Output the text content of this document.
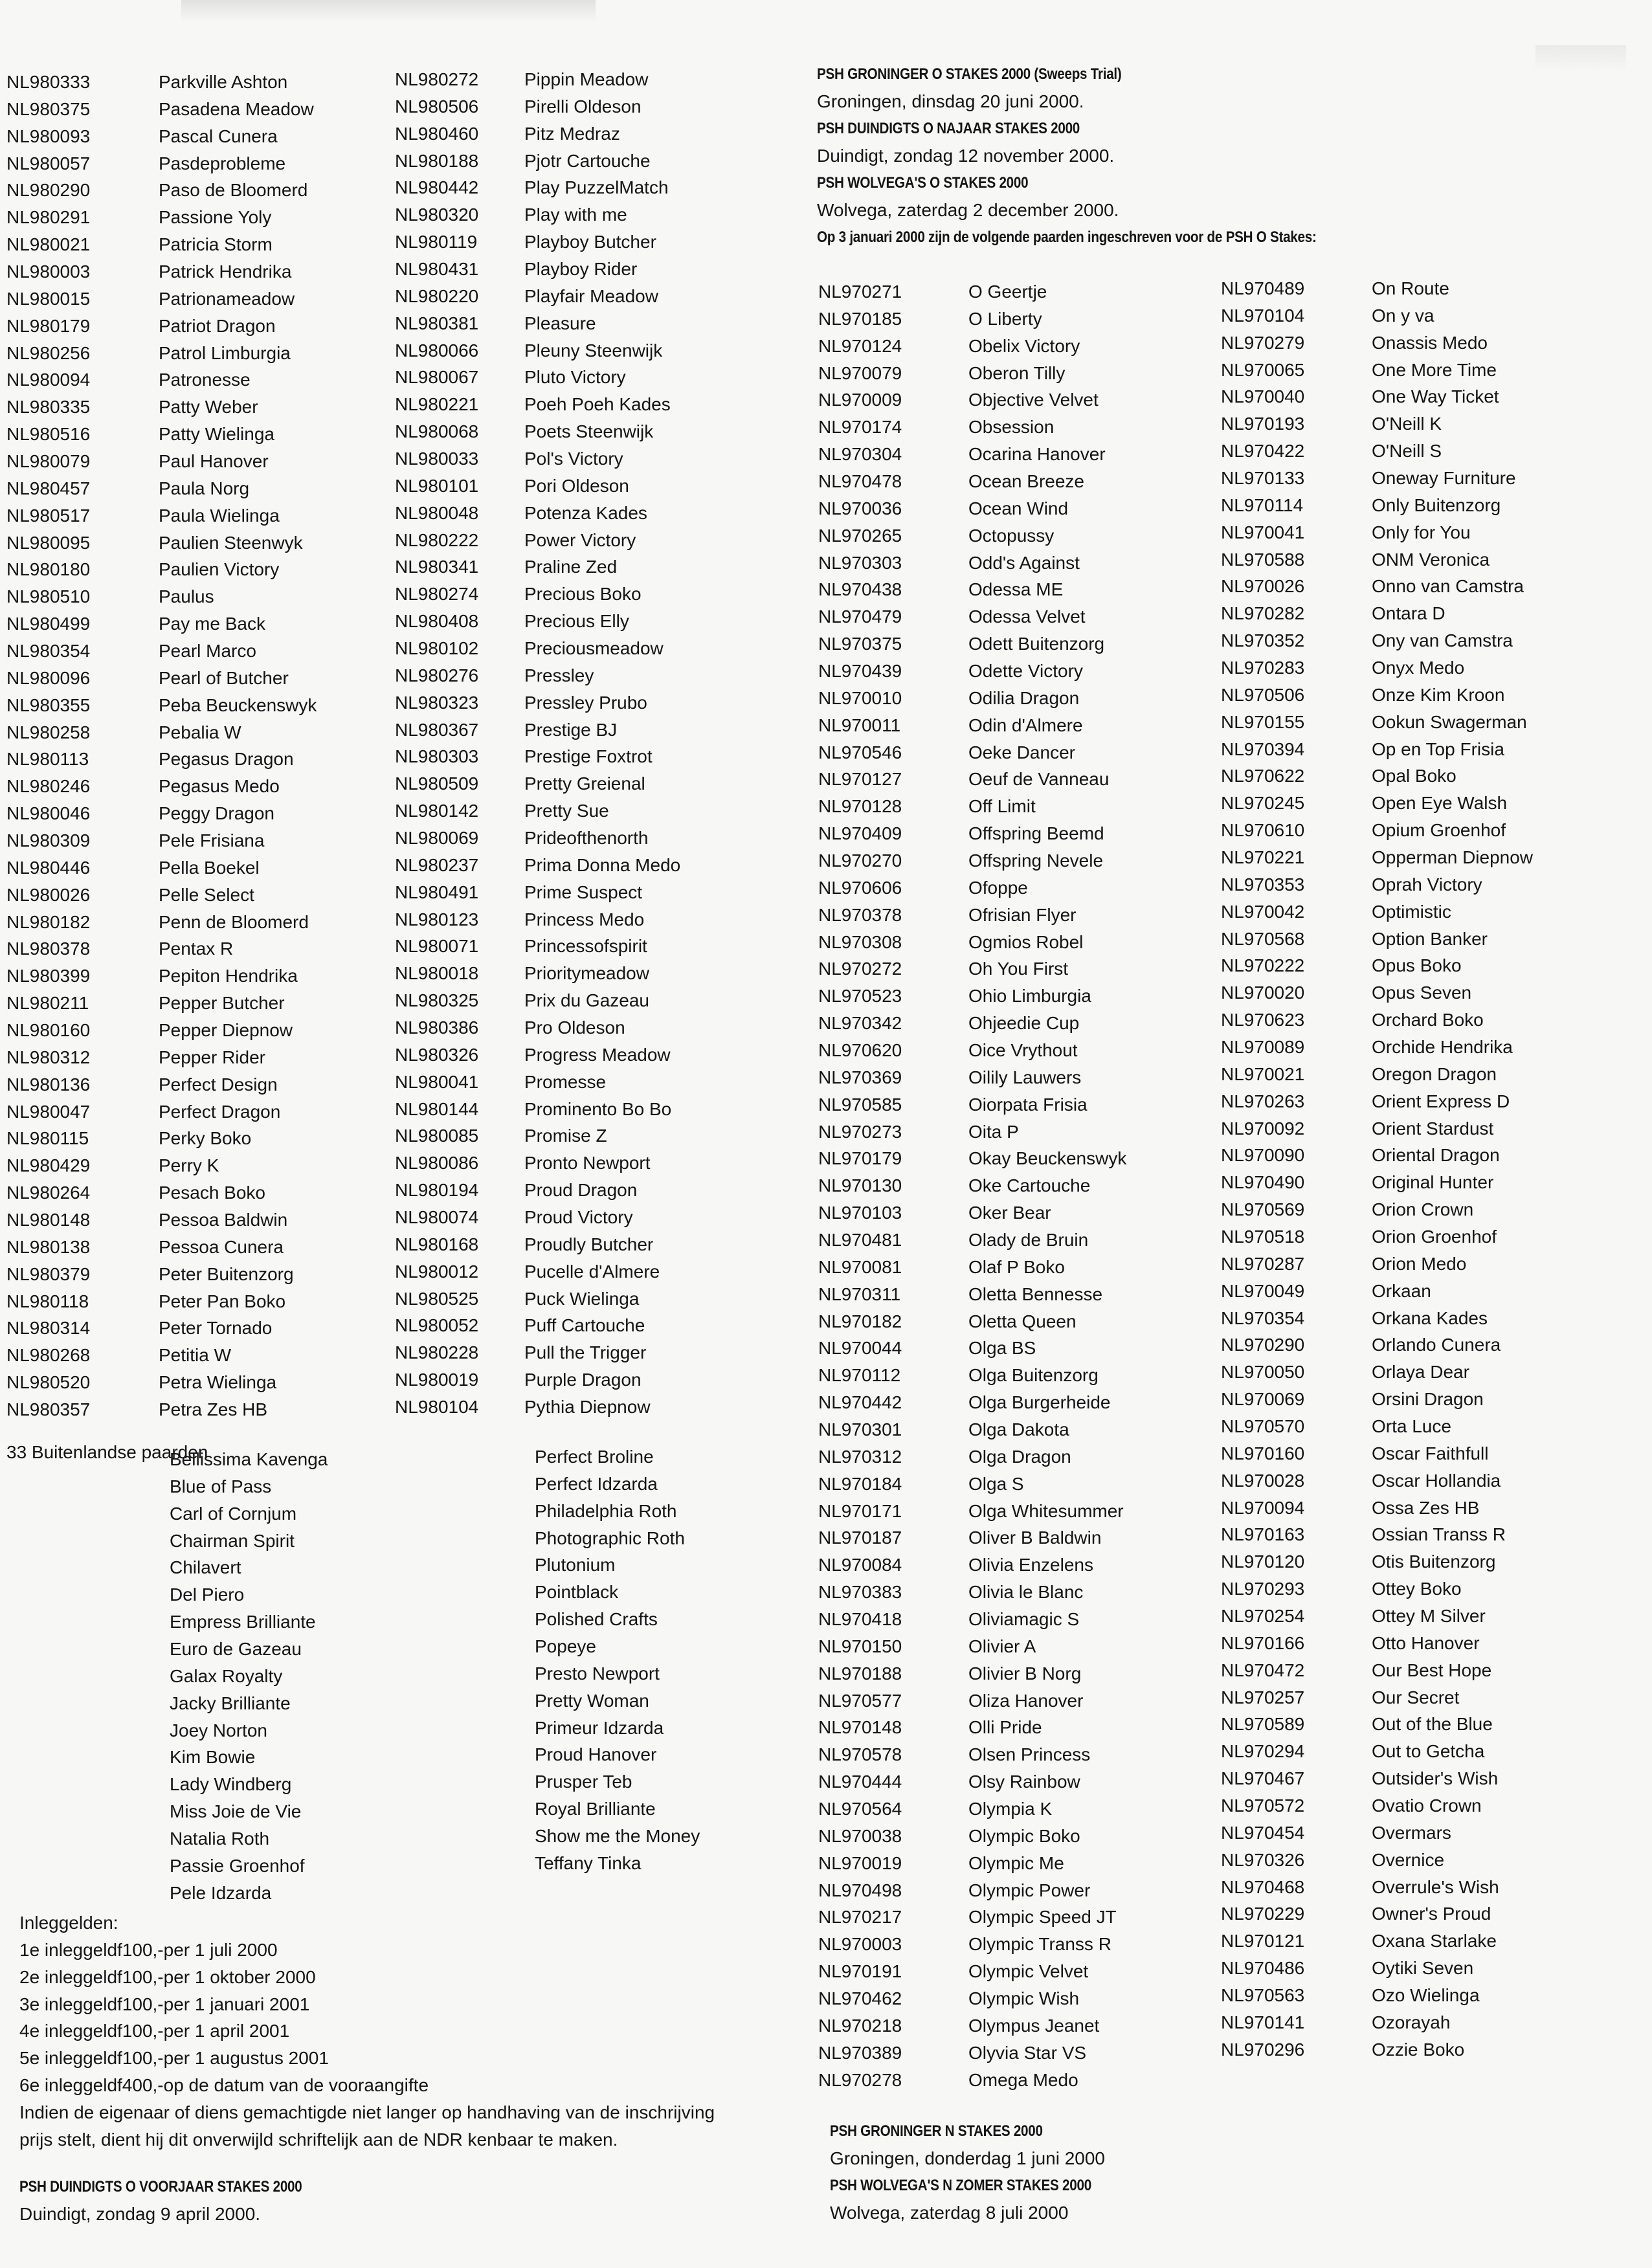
NL980333	Parkville Ashton
NL980375	Pasadena Meadow
NL980093	Pascal Cunera
NL980057	Pasdeprobleme
NL980290	Paso de Bloomerd
NL980291	Passione Yoly
NL980021	Patricia Storm
NL980003	Patrick Hendrika
NL980015	Patrionameadow
NL980179	Patriot Dragon
NL980256	Patrol Limburgia
NL980094	Patronesse
NL980335	Patty Weber
NL980516	Patty Wielinga
NL980079	Paul Hanover
NL980457	Paula Norg
NL980517	Paula Wielinga
NL980095	Paulien Steenwyk
NL980180	Paulien Victory
NL980510	Paulus
NL980499	Pay me Back
NL980354	Pearl Marco
NL980096	Pearl of Butcher
NL980355	Peba Beuckenswyk
NL980258	Pebalia W
NL980113	Pegasus Dragon
NL980246	Pegasus Medo
NL980046	Peggy Dragon
NL980309	Pele Frisiana
NL980446	Pella Boekel
NL980026	Pelle Select
NL980182	Penn de Bloomerd
NL980378	Pentax R
NL980399	Pepiton Hendrika
NL980211	Pepper Butcher
NL980160	Pepper Diepnow
NL980312	Pepper Rider
NL980136	Perfect Design
NL980047	Perfect Dragon
NL980115	Perky Boko
NL980429	Perry K
NL980264	Pesach Boko
NL980148	Pessoa Baldwin
NL980138	Pessoa Cunera
NL980379	Peter Buitenzorg
NL980118	Peter Pan Boko
NL980314	Peter Tornado
NL980268	Petitia W
NL980520	Petra Wielinga
NL980357	Petra Zes HB
NL980272	Pippin Meadow
NL980506	Pirelli Oldeson
NL980460	Pitz Medraz
NL980188	Pjotr Cartouche
NL980442	Play PuzzelMatch
NL980320	Play with me
NL980119	Playboy Butcher
NL980431	Playboy Rider
NL980220	Playfair Meadow
NL980381	Pleasure
NL980066	Pleuny Steenwijk
NL980067	Pluto Victory
NL980221	Poeh Poeh Kades
NL980068	Poets Steenwijk
NL980033	Pol's Victory
NL980101	Pori Oldeson
NL980048	Potenza Kades
NL980222	Power Victory
NL980341	Praline Zed
NL980274	Precious Boko
NL980408	Precious Elly
NL980102	Preciousmeadow
NL980276	Pressley
NL980323	Pressley Prubo
NL980367	Prestige BJ
NL980303	Prestige Foxtrot
NL980509	Pretty Greienal
NL980142	Pretty Sue
NL980069	Prideofthenorth
NL980237	Prima Donna Medo
NL980491	Prime Suspect
NL980123	Princess Medo
NL980071	Princessofspirit
NL980018	Prioritymeadow
NL980325	Prix du Gazeau
NL980386	Pro Oldeson
NL980326	Progress Meadow
NL980041	Promesse
NL980144	Prominento Bo Bo
NL980085	Promise Z
NL980086	Pronto Newport
NL980194	Proud Dragon
NL980074	Proud Victory
NL980168	Proudly Butcher
NL980012	Pucelle d'Almere
NL980525	Puck Wielinga
NL980052	Puff Cartouche
NL980228	Pull the Trigger
NL980019	Purple Dragon
NL980104	Pythia Diepnow
33 Buitenlandse paarden
Bellissima Kavenga
Blue of Pass
Carl of Cornjum
Chairman Spirit
Chilavert
Del Piero
Empress Brilliante
Euro de Gazeau
Galax Royalty
Jacky Brilliante
Joey Norton
Kim Bowie
Lady Windberg
Miss Joie de Vie
Natalia Roth
Passie Groenhof
Pele Idzarda
Perfect Broline
Perfect Idzarda
Philadelphia Roth
Photographic Roth
Plutonium
Pointblack
Polished Crafts
Popeye
Presto Newport
Pretty Woman
Primeur Idzarda
Proud Hanover
Prusper Teb
Royal Brilliante
Show me the Money
Teffany Tinka
Inleggelden:
1e inleggeldf100,-per 1 juli 2000
2e inleggeldf100,-per 1 oktober 2000
3e inleggeldf100,-per 1 januari 2001
4e inleggeldf100,-per 1 april 2001
5e inleggeldf100,-per 1 augustus 2001
6e inleggeldf400,-op de datum van de vooraangifte
Indien de eigenaar of diens gemachtigde niet langer op handhaving van de inschrijving
prijs stelt, dient hij dit onverwijld schriftelijk aan de NDR kenbaar te maken.
PSH DUINDIGTS O VOORJAAR STAKES 2000
Duindigt, zondag 9 april 2000.
PSH GRONINGER O STAKES 2000 (Sweeps Trial)
Groningen, dinsdag 20 juni 2000.
PSH DUINDIGTS O NAJAAR STAKES 2000
Duindigt, zondag 12 november 2000.
PSH WOLVEGA'S O STAKES 2000
Wolvega, zaterdag 2 december 2000.
Op 3 januari 2000 zijn de volgende paarden ingeschreven voor de PSH O Stakes:
NL970271	O Geertje
NL970185	O Liberty
NL970124	Obelix Victory
NL970079	Oberon Tilly
NL970009	Objective Velvet
NL970174	Obsession
NL970304	Ocarina Hanover
NL970478	Ocean Breeze
NL970036	Ocean Wind
NL970265	Octopussy
NL970303	Odd's Against
NL970438	Odessa ME
NL970479	Odessa Velvet
NL970375	Odett Buitenzorg
NL970439	Odette Victory
NL970010	Odilia Dragon
NL970011	Odin d'Almere
NL970546	Oeke Dancer
NL970127	Oeuf de Vanneau
NL970128	Off Limit
NL970409	Offspring Beemd
NL970270	Offspring Nevele
NL970606	Ofoppe
NL970378	Ofrisian Flyer
NL970308	Ogmios Robel
NL970272	Oh You First
NL970523	Ohio Limburgia
NL970342	Ohjeedie Cup
NL970620	Oice Vrythout
NL970369	Oilily Lauwers
NL970585	Oiorpata Frisia
NL970273	Oita P
NL970179	Okay Beuckenswyk
NL970130	Oke Cartouche
NL970103	Oker Bear
NL970481	Olady de Bruin
NL970081	Olaf P Boko
NL970311	Oletta Bennesse
NL970182	Oletta Queen
NL970044	Olga BS
NL970112	Olga Buitenzorg
NL970442	Olga Burgerheide
NL970301	Olga Dakota
NL970312	Olga Dragon
NL970184	Olga S
NL970171	Olga Whitesummer
NL970187	Oliver B Baldwin
NL970084	Olivia Enzelens
NL970383	Olivia le Blanc
NL970418	Oliviamagic S
NL970150	Olivier A
NL970188	Olivier B Norg
NL970577	Oliza Hanover
NL970148	Olli Pride
NL970578	Olsen Princess
NL970444	Olsy Rainbow
NL970564	Olympia K
NL970038	Olympic Boko
NL970019	Olympic Me
NL970498	Olympic Power
NL970217	Olympic Speed JT
NL970003	Olympic Transs R
NL970191	Olympic Velvet
NL970462	Olympic Wish
NL970218	Olympus Jeanet
NL970389	Olyvia Star VS
NL970278	Omega Medo
NL970489	On Route
NL970104	On y va
NL970279	Onassis Medo
NL970065	One More Time
NL970040	One Way Ticket
NL970193	O'Neill K
NL970422	O'Neill S
NL970133	Oneway Furniture
NL970114	Only Buitenzorg
NL970041	Only for You
NL970588	ONM Veronica
NL970026	Onno van Camstra
NL970282	Ontara D
NL970352	Ony van Camstra
NL970283	Onyx Medo
NL970506	Onze Kim Kroon
NL970155	Ookun Swagerman
NL970394	Op en Top Frisia
NL970622	Opal Boko
NL970245	Open Eye Walsh
NL970610	Opium Groenhof
NL970221	Opperman Diepnow
NL970353	Oprah Victory
NL970042	Optimistic
NL970568	Option Banker
NL970222	Opus Boko
NL970020	Opus Seven
NL970623	Orchard Boko
NL970089	Orchide Hendrika
NL970021	Oregon Dragon
NL970263	Orient Express D
NL970092	Orient Stardust
NL970090	Oriental Dragon
NL970490	Original Hunter
NL970569	Orion Crown
NL970518	Orion Groenhof
NL970287	Orion Medo
NL970049	Orkaan
NL970354	Orkana Kades
NL970290	Orlando Cunera
NL970050	Orlaya Dear
NL970069	Orsini Dragon
NL970570	Orta Luce
NL970160	Oscar Faithfull
NL970028	Oscar Hollandia
NL970094	Ossa Zes HB
NL970163	Ossian Transs R
NL970120	Otis Buitenzorg
NL970293	Ottey Boko
NL970254	Ottey M Silver
NL970166	Otto Hanover
NL970472	Our Best Hope
NL970257	Our Secret
NL970589	Out of the Blue
NL970294	Out to Getcha
NL970467	Outsider's Wish
NL970572	Ovatio Crown
NL970454	Overmars
NL970326	Overnice
NL970468	Overrule's Wish
NL970229	Owner's Proud
NL970121	Oxana Starlake
NL970486	Oytiki Seven
NL970563	Ozo Wielinga
NL970141	Ozorayah
NL970296	Ozzie Boko
PSH GRONINGER N STAKES 2000
Groningen, donderdag 1 juni 2000
PSH WOLVEGA'S N ZOMER STAKES 2000
Wolvega, zaterdag 8 juli 2000
